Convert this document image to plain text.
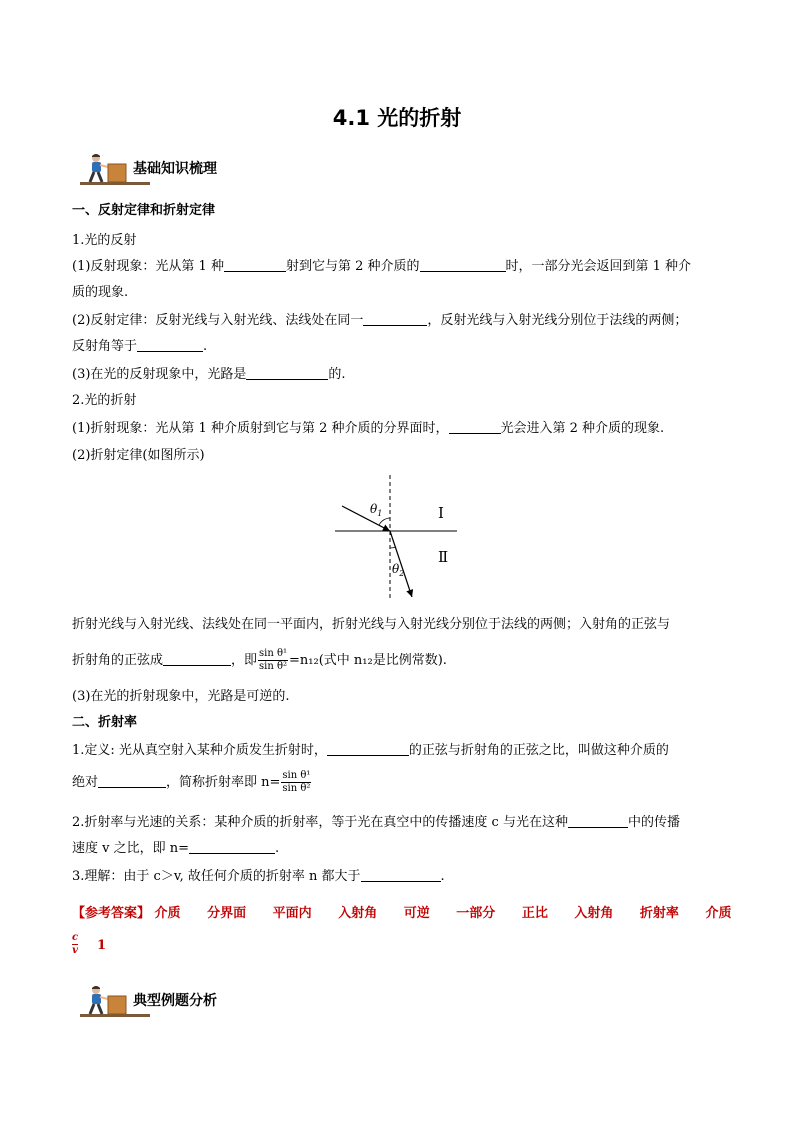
4.1 光的折射
基础知识梳理
一、反射定律和折射定律
1.光的反射
(1)反射现象：光从第 1 种	射到它与第 2 种介质的	时，一部分光会返回到第 1 种介
质的现象.
(2)反射定律：反射光线与入射光线、法线处在同一	，反射光线与入射光线分别位于法线的两侧；
反射角等于	.
(3)在光的反射现象中，光路是	的.
2.光的折射
(1)折射现象：光从第 1 种介质射到它与第 2 种介质的分界面时，	光会进入第 2 种介质的现象.
(2)折射定律(如图所示)
$\theta_1$
$\theta_2$
Ⅰ
Ⅱ
折射光线与入射光线、法线处在同一平面内，折射光线与入射光线分别位于法线的两侧；入射角的正弦与
折射角的正弦成	，即 $\frac{\text{sin θ¹}}{\text{sin θ²}} =n_{12}$(式中 n₁₂是比例常数).
(3)在光的折射现象中，光路是可逆的.
二、折射率
1.定义: 光从真空射入某种介质发生折射时，	的正弦与折射角的正弦之比，叫做这种介质的
绝对	，简称折射率即 $n= \frac{\text{sin θ¹}}{\text{sin θ²}}$
2.折射率与光速的关系：某种介质的折射率，等于光在真空中的传播速度 c 与光在这种	中的传播
速度 v 之比，即 n=	.
3.理解：由于 c＞v, 故任何介质的折射率 n 都大于	.
【参考答案】 介质 分界面 平面内 入射角 可逆 一部分 正比 入射角 折射率 介质
$\frac{c}{v} 1$
典型例题分析
